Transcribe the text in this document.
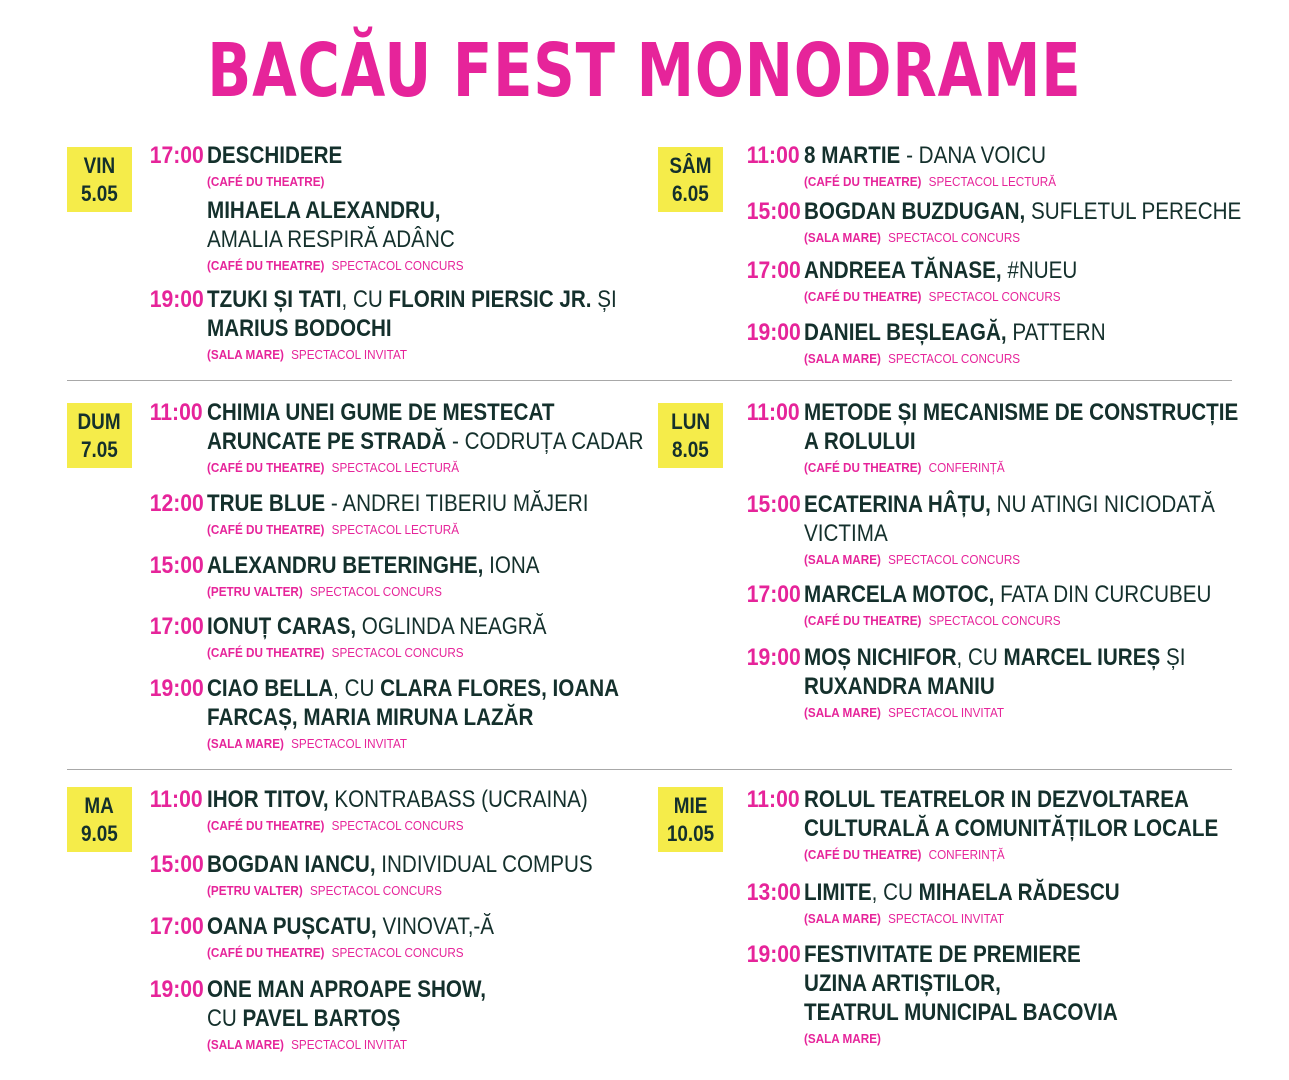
BACĂU FEST MONODRAME
VIN
5.05
17:00 DESCHIDERE
(CAFÉ DU THEATRE)
MIHAELA ALEXANDRU,
AMALIA RESPIRĂ ADÂNC
(CAFÉ DU THEATRE) SPECTACOL CONCURS
19:00 TZUKI ȘI TATI, CU FLORIN PIERSIC JR. ȘI
MARIUS BODOCHI
(SALA MARE) SPECTACOL INVITAT
SÂM
6.05
11:00 8 MARTIE - DANA VOICU
(CAFÉ DU THEATRE) SPECTACOL LECTURĂ
15:00 BOGDAN BUZDUGAN, SUFLETUL PERECHE
(SALA MARE) SPECTACOL CONCURS
17:00 ANDREEA TĂNASE, #NUEU
(CAFÉ DU THEATRE) SPECTACOL CONCURS
19:00 DANIEL BEȘLEAGĂ, PATTERN
(SALA MARE) SPECTACOL CONCURS
DUM
7.05
11:00 CHIMIA UNEI GUME DE MESTECAT
ARUNCATE PE STRADĂ - CODRUȚA CADAR
(CAFÉ DU THEATRE) SPECTACOL LECTURĂ
12:00 TRUE BLUE - ANDREI TIBERIU MĂJERI
(CAFÉ DU THEATRE) SPECTACOL LECTURĂ
15:00 ALEXANDRU BETERINGHE, IONA
(PETRU VALTER) SPECTACOL CONCURS
17:00 IONUȚ CARAS, OGLINDA NEAGRĂ
(CAFÉ DU THEATRE) SPECTACOL CONCURS
19:00 CIAO BELLA, CU CLARA FLORES, IOANA
FARCAȘ, MARIA MIRUNA LAZĂR
(SALA MARE) SPECTACOL INVITAT
LUN
8.05
11:00 METODE ȘI MECANISME DE CONSTRUCȚIE
A ROLULUI
(CAFÉ DU THEATRE) CONFERINȚĂ
15:00 ECATERINA HÂȚU, NU ATINGI NICIODATĂ
VICTIMA
(SALA MARE) SPECTACOL CONCURS
17:00 MARCELA MOTOC, FATA DIN CURCUBEU
(CAFÉ DU THEATRE) SPECTACOL CONCURS
19:00 MOȘ NICHIFOR, CU MARCEL IUREȘ ȘI
RUXANDRA MANIU
(SALA MARE) SPECTACOL INVITAT
MA
9.05
11:00 IHOR TITOV, KONTRABASS (UCRAINA)
(CAFÉ DU THEATRE) SPECTACOL CONCURS
15:00 BOGDAN IANCU, INDIVIDUAL COMPUS
(PETRU VALTER) SPECTACOL CONCURS
17:00 OANA PUȘCATU, VINOVAT,-Ă
(CAFÉ DU THEATRE) SPECTACOL CONCURS
19:00 ONE MAN APROAPE SHOW,
CU PAVEL BARTOȘ
(SALA MARE) SPECTACOL INVITAT
MIE
10.05
11:00 ROLUL TEATRELOR IN DEZVOLTAREA
CULTURALĂ A COMUNITĂȚILOR LOCALE
(CAFÉ DU THEATRE) CONFERINȚĂ
13:00 LIMITE, CU MIHAELA RĂDESCU
(SALA MARE) SPECTACOL INVITAT
19:00 FESTIVITATE DE PREMIERE
UZINA ARTIȘTILOR,
TEATRUL MUNICIPAL BACOVIA
(SALA MARE)
